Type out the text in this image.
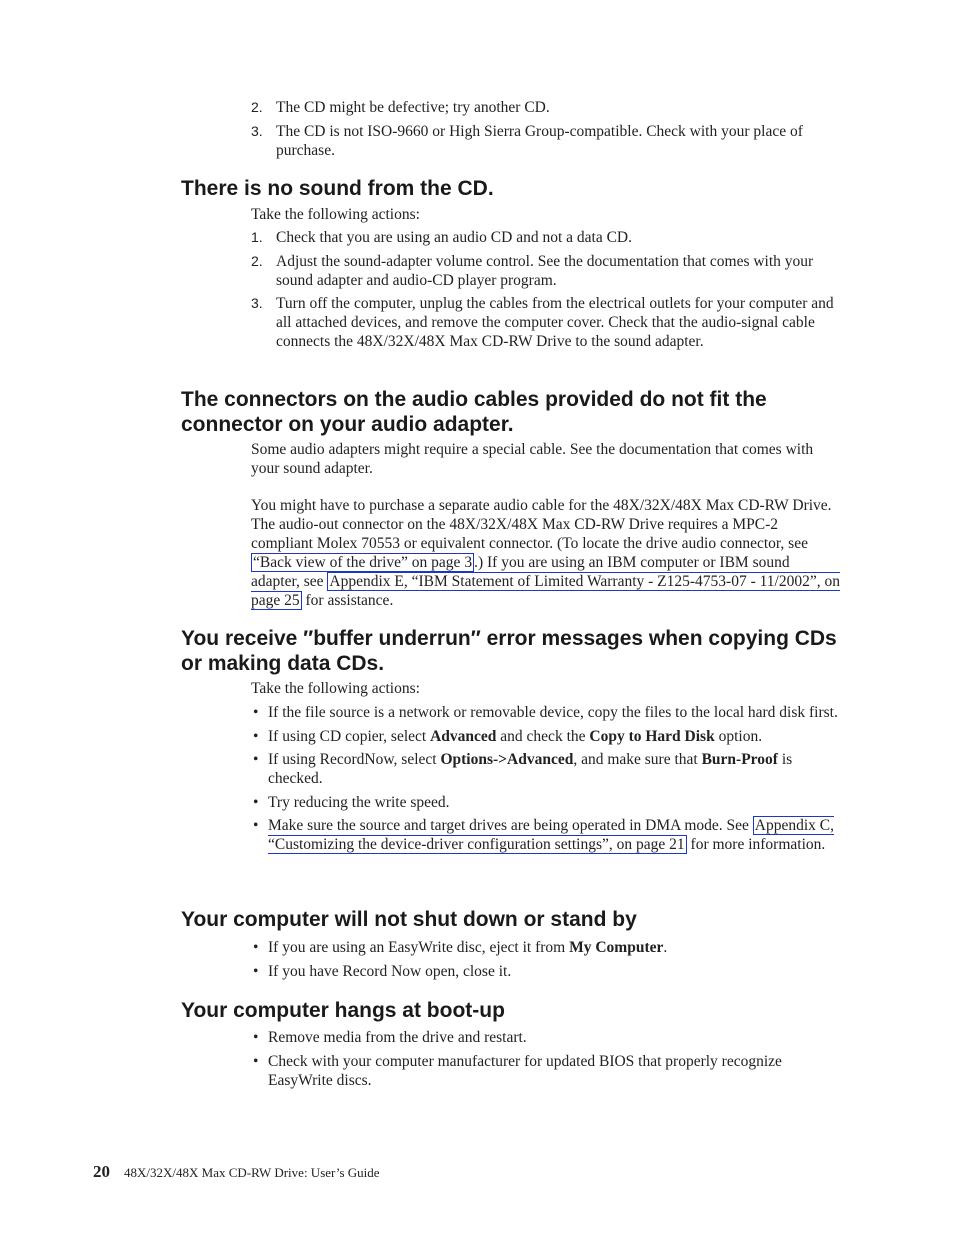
2. The CD might be defective; try another CD.
3. The CD is not ISO-9660 or High Sierra Group-compatible. Check with your place of purchase.
There is no sound from the CD.

Take the following actions:

1. Check that you are using an audio CD and not a data CD.
2. Adjust the sound-adapter volume control. See the documentation that comes with your sound adapter and audio-CD player program.
3. Turn off the computer, unplug the cables from the electrical outlets for your computer and all attached devices, and remove the computer cover. Check that the audio-signal cable connects the 48X/32X/48X Max CD-RW Drive to the sound adapter.
The connectors on the audio cables provided do not fit the connector on your audio adapter.

Some audio adapters might require a special cable. See the documentation that comes with your sound adapter.

You might have to purchase a separate audio cable for the 48X/32X/48X Max CD-RW Drive. The audio-out connector on the 48X/32X/48X Max CD-RW Drive requires a MPC-2 compliant Molex 70553 or equivalent connector. (To locate the drive audio connector, see “Back view of the drive” on page 3 .) If you are using an IBM computer or IBM sound adapter, see Appendix E, “IBM Statement of Limited Warranty - Z125-4753-07 - 11/2002”, on page 25 for assistance.

You receive ″buffer underrun″ error messages when copying CDs or making data CDs.

Take the following actions:

• If the file source is a network or removable device, copy the files to the local hard disk first.
• If using CD copier, select Advanced and check the Copy to Hard Disk option.
• If using RecordNow, select Options->Advanced, and make sure that Burn-Proof is checked.
• Try reducing the write speed.
• Make sure the source and target drives are being operated in DMA mode. See Appendix C, “Customizing the device-driver configuration settings”, on page 21 for more information.
Your computer will not shut down or stand by
• If you are using an EasyWrite disc, eject it from My Computer.
• If you have Record Now open, close it.
Your computer hangs at boot-up
• Remove media from the drive and restart.
• Check with your computer manufacturer for updated BIOS that properly recognize EasyWrite discs.
20 48X/32X/48X Max CD-RW Drive: User’s Guide
